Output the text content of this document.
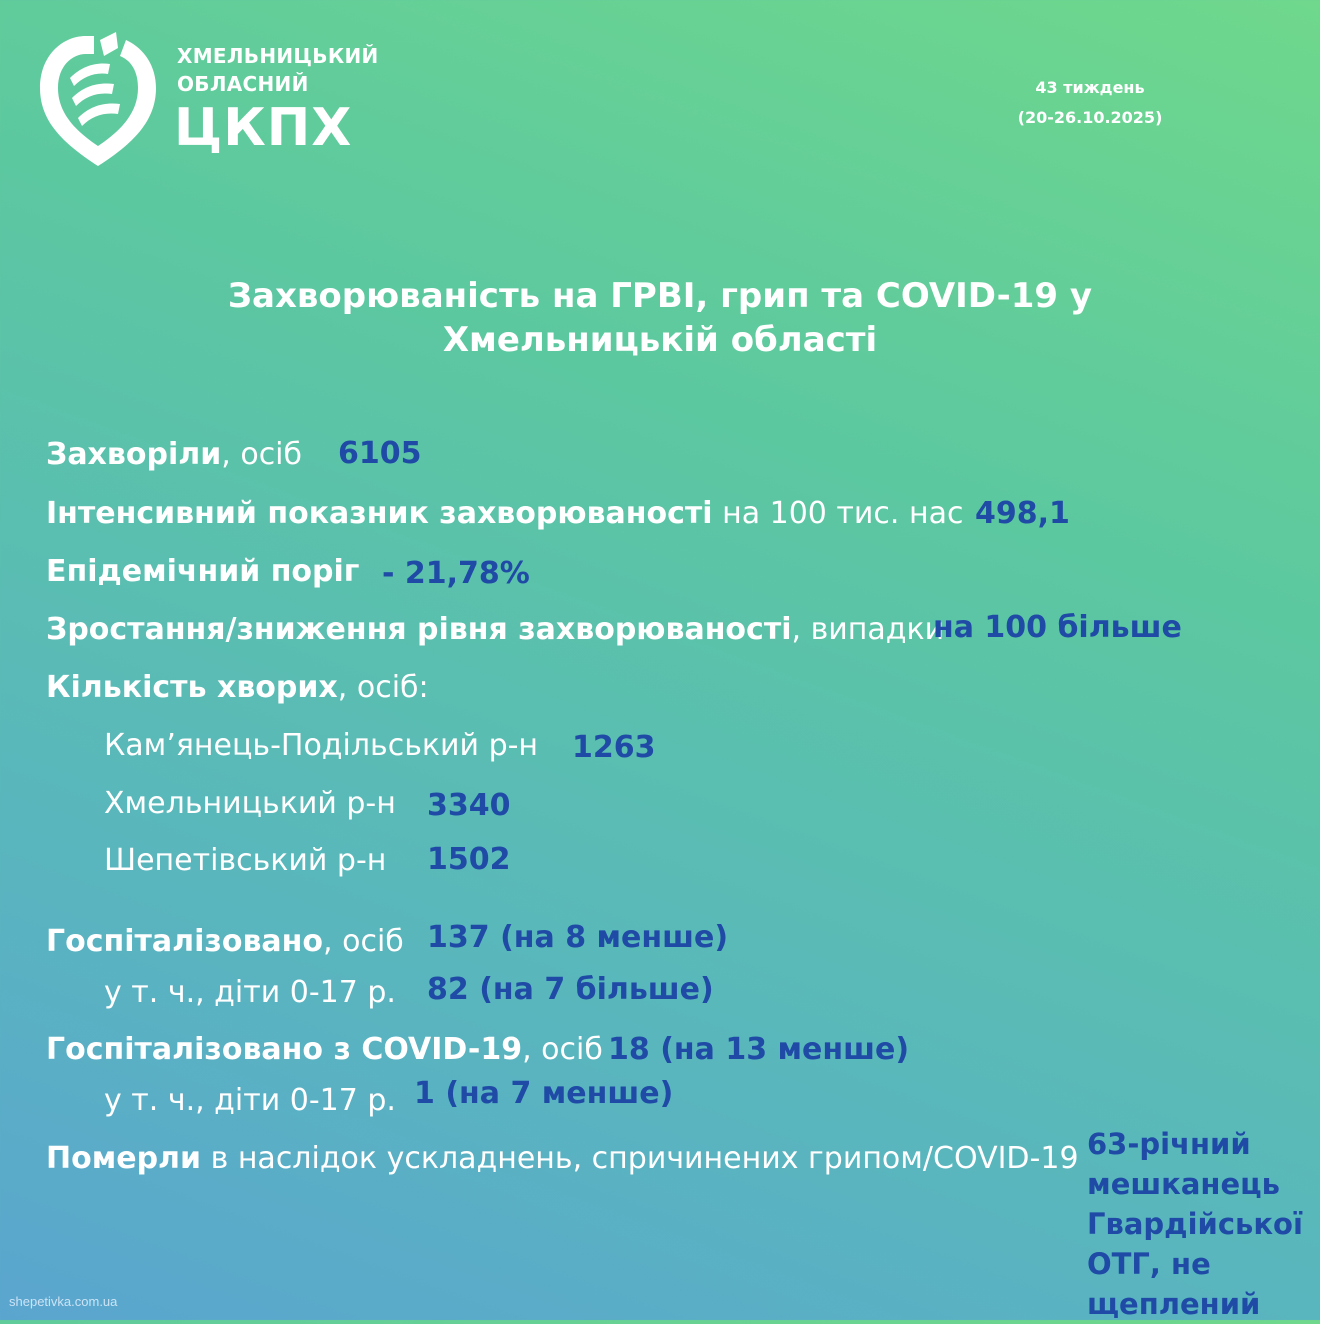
ХМЕЛЬНИЦЬКИЙ
ОБЛАСНИЙ
ЦКПХ
43 тиждень
(20-26.10.2025)
Захворюваність на ГРВІ, грип та COVID-19 у
Хмельницькій області
Захворіли, осіб 6105
Інтенсивний показник захворюваності на 100 тис. нас 498,1
Епідемічний поріг - 21,78%
Зростання/зниження рівня захворюваності, випадки
на 100 більше
Кількість хворих, осіб:
Кам’янець-Подільський р-н 1263
Хмельницький р-н 3340
Шепетівський р-н 1502
Госпіталізовано, осіб 137 (на 8 менше)
у т. ч., діти 0-17 р. 82 (на 7 більше)
Госпіталізовано з COVID-19, осіб 18 (на 13 менше)
у т. ч., діти 0-17 р. 1 (на 7 менше)
Померли в наслідок ускладнень, спричинених грипом/COVID-19 63-річний мешканець Гвардійської ОТГ, не щеплений
shepetivka.com.ua
